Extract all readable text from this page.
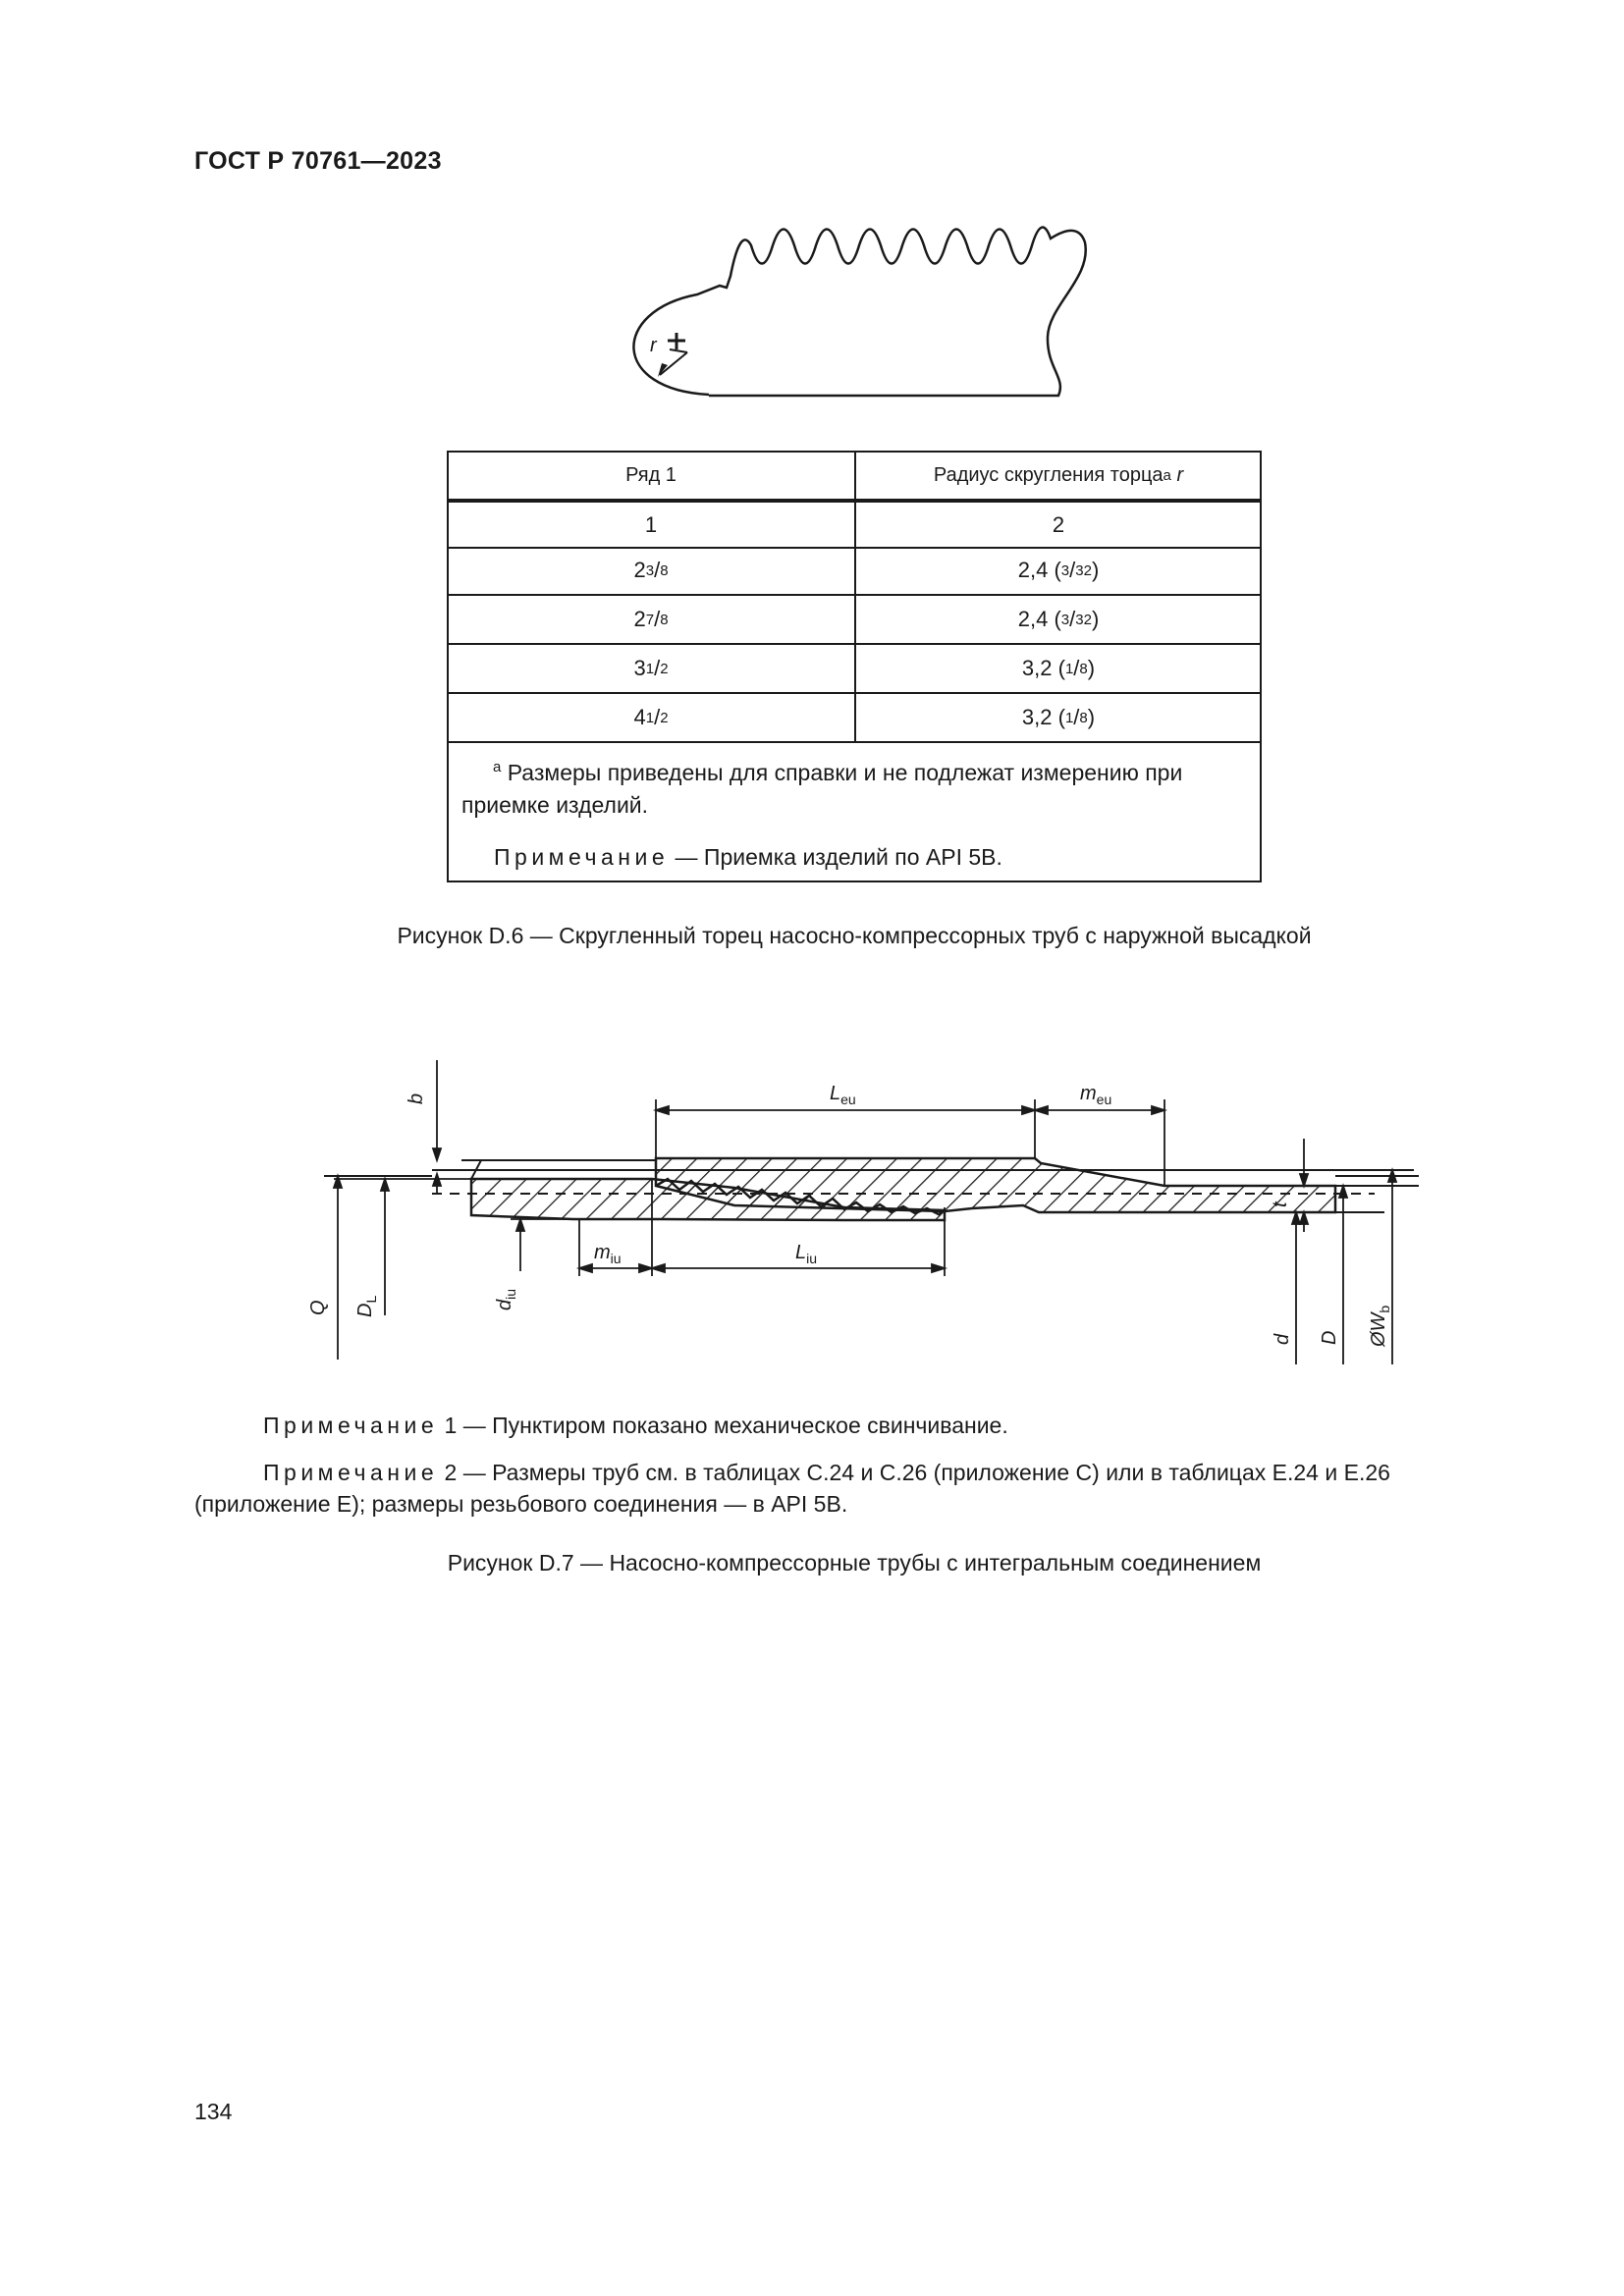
ГОСТ Р 70761—2023
r
Ряд 1	Радиус скругления торца a
r
1	2
2 3 / 8	2,4 ( 3 / 32 )
2 7 / 8	2,4 ( 3 / 32 )
3 1 / 2	3,2 ( 1 / 8 )
4 1 / 2	3,2 ( 1 / 8 )
$^a$ Размеры приведены для справки и не подлежат измерению при
приемке изделий.
Примечание — Приемка изделий по API 5B.
Рисунок D.6 — Скругленный торец насосно-компрессорных труб с наружной высадкой
b	$L_{eu}$	$m_{eu}$
t
Q $D_L$
$d_{iu}$
$m_{iu}$	$L_{iu}$
d D $ØW_b$
Примечание 1 — Пунктиром показано механическое свинчивание.
Примечание 2 — Размеры труб см. в таблицах С.24 и С.26 (приложение С) или в таблицах Е.24 и Е.26
(приложение Е); размеры резьбового соединения — в API 5B.
Рисунок D.7 — Насосно-компрессорные трубы с интегральным соединением
134
